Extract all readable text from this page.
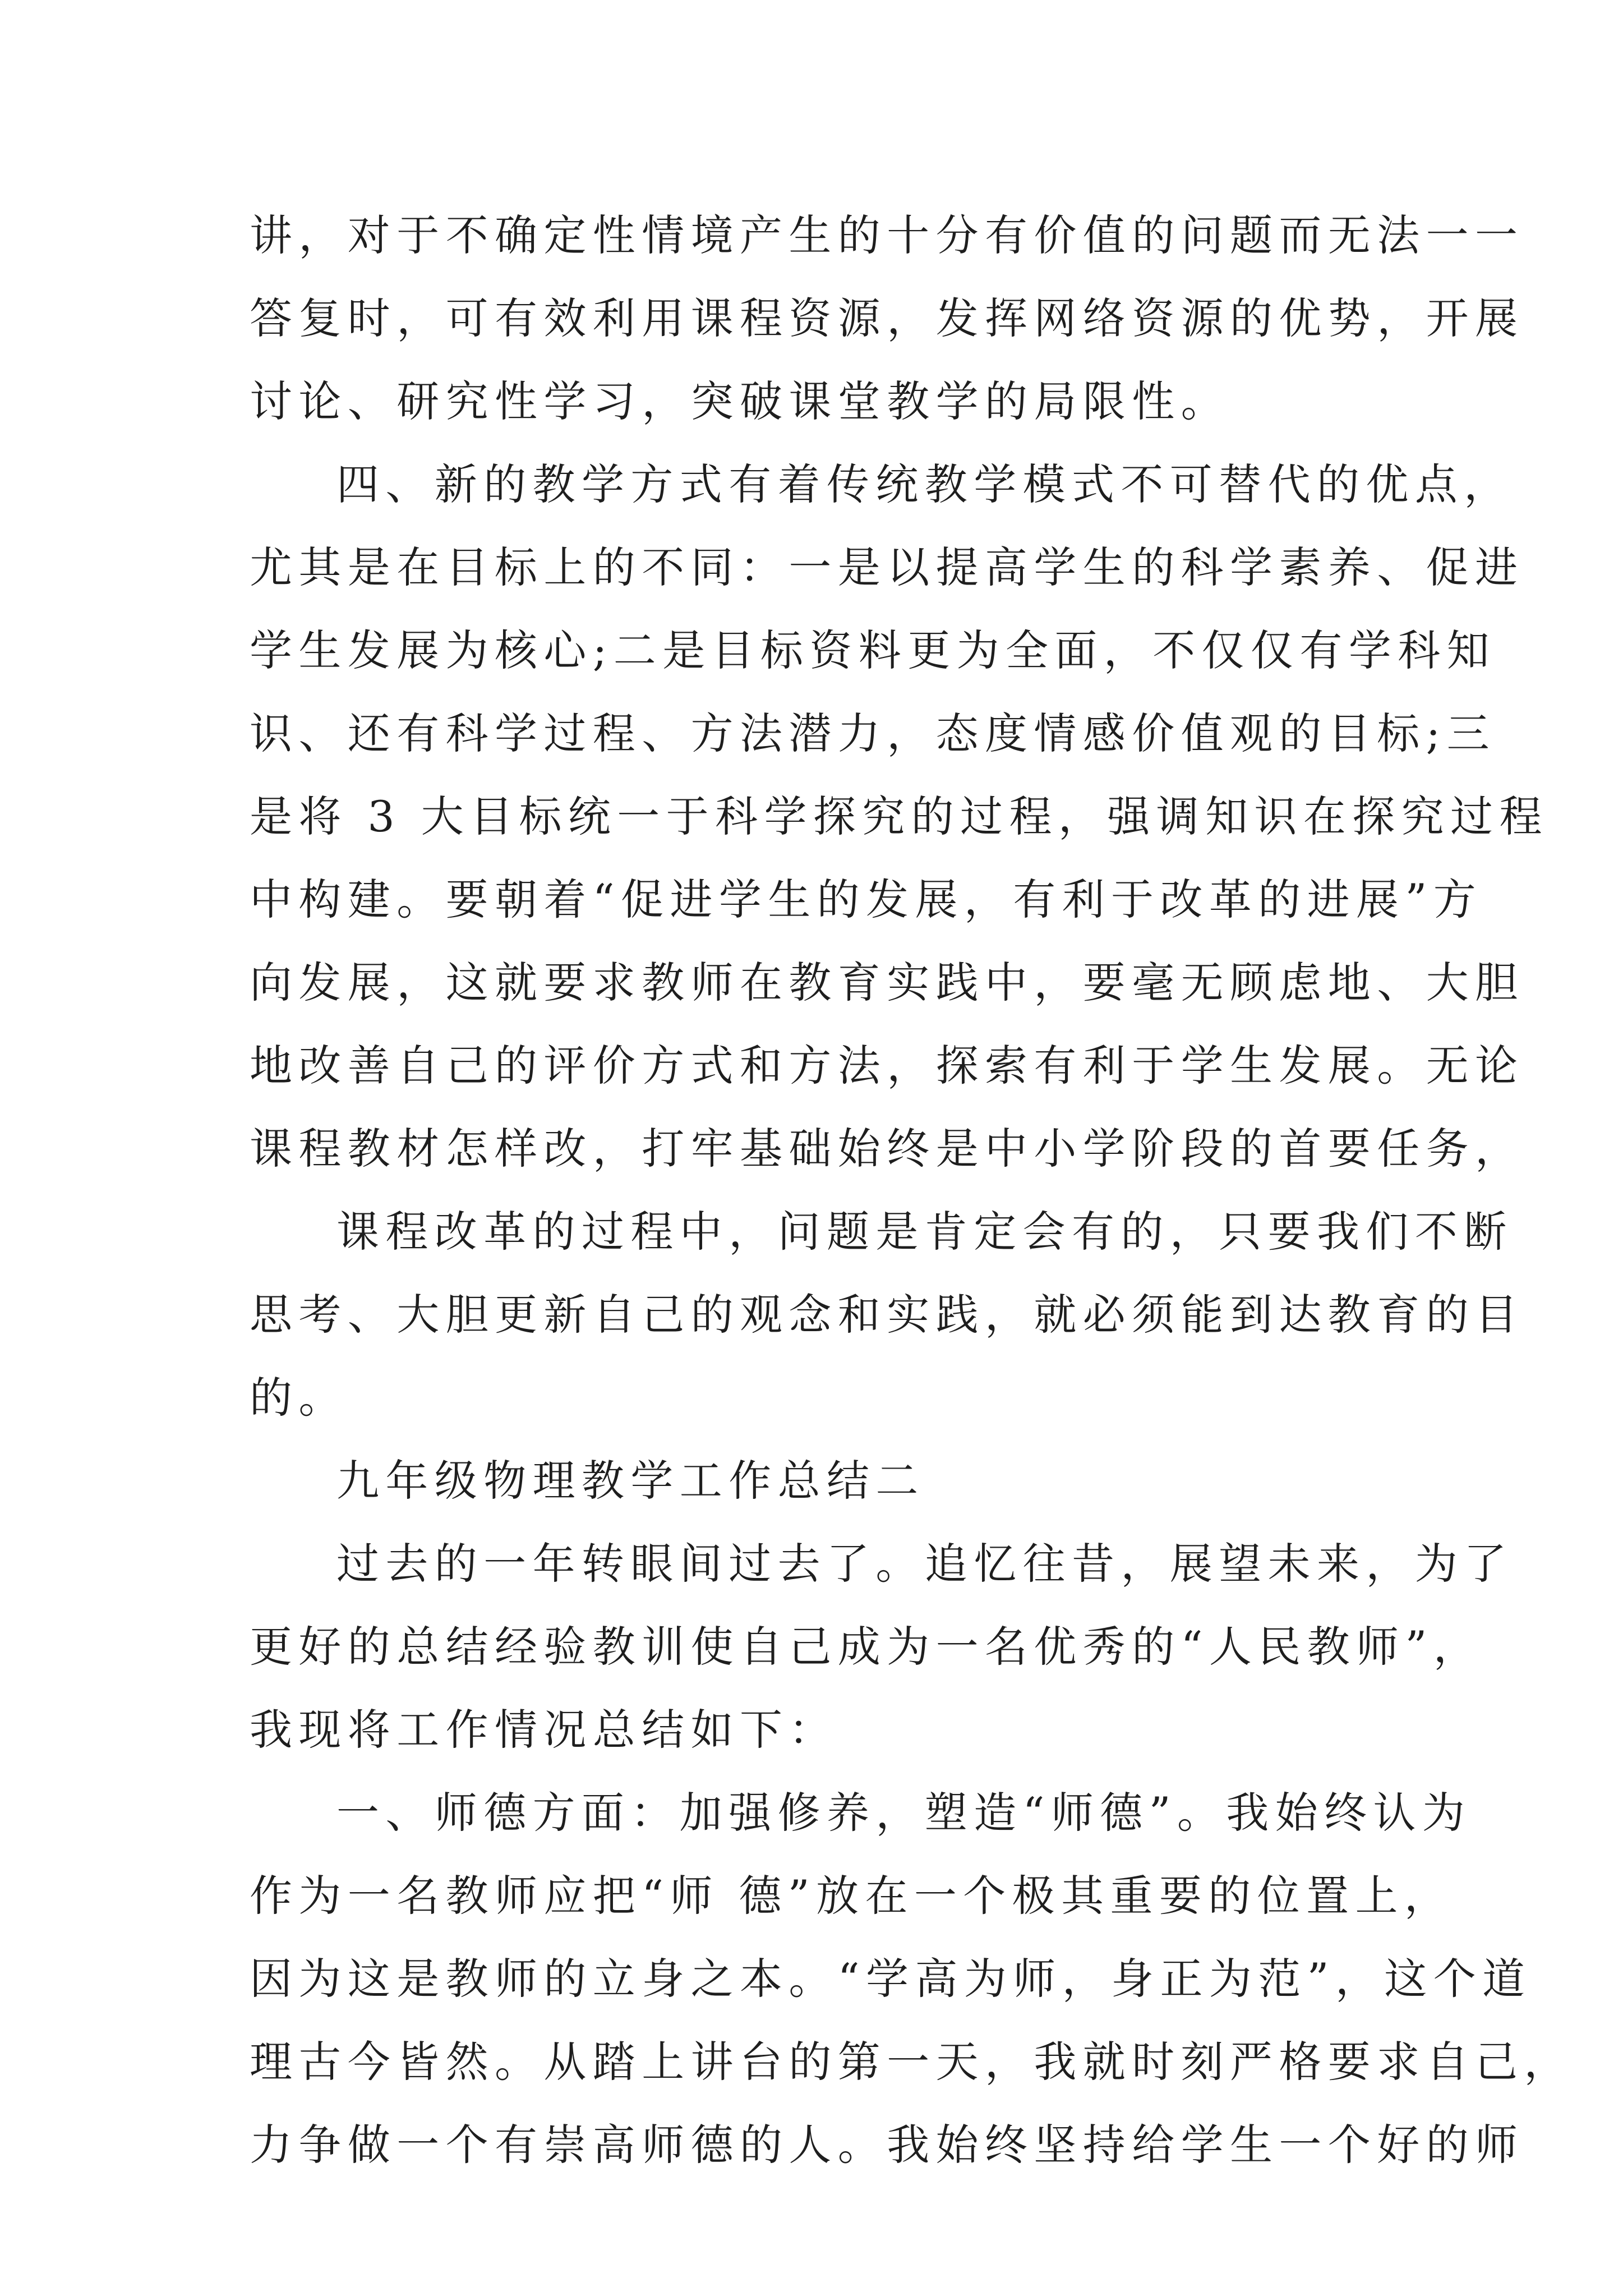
讲，对于不确定性情境产生的十分有价值的问题而无法一一
答复时，可有效利用课程资源，发挥网络资源的优势，开展
讨论、研究性学习，突破课堂教学的局限性。
四、新的教学方式有着传统教学模式不可替代的优点，
尤其是在目标上的不同：一是以提高学生的科学素养、促进
学生发展为核心;二是目标资料更为全面，不仅仅有学科知
识、还有科学过程、方法潜力，态度情感价值观的目标;三
是将 3 大目标统一于科学探究的过程，强调知识在探究过程
中构建。要朝着“促进学生的发展，有利于改革的进展”方
向发展，这就要求教师在教育实践中，要毫无顾虑地、大胆
地改善自己的评价方式和方法，探索有利于学生发展。无论
课程教材怎样改，打牢基础始终是中小学阶段的首要任务，
课程改革的过程中，问题是肯定会有的，只要我们不断
思考、大胆更新自己的观念和实践，就必须能到达教育的目
的。
九年级物理教学工作总结二
过去的一年转眼间过去了。追忆往昔，展望未来，为了
更好的总结经验教训使自己成为一名优秀的“人民教师”，
我现将工作情况总结如下：
一、师德方面：加强修养，塑造“师德”。我始终认为
作为一名教师应把“师 德”放在一个极其重要的位置上，
因为这是教师的立身之本。“学高为师，身正为范”，这个道
理古今皆然。从踏上讲台的第一天，我就时刻严格要求自己，
力争做一个有崇高师德的人。我始终坚持给学生一个好的师
